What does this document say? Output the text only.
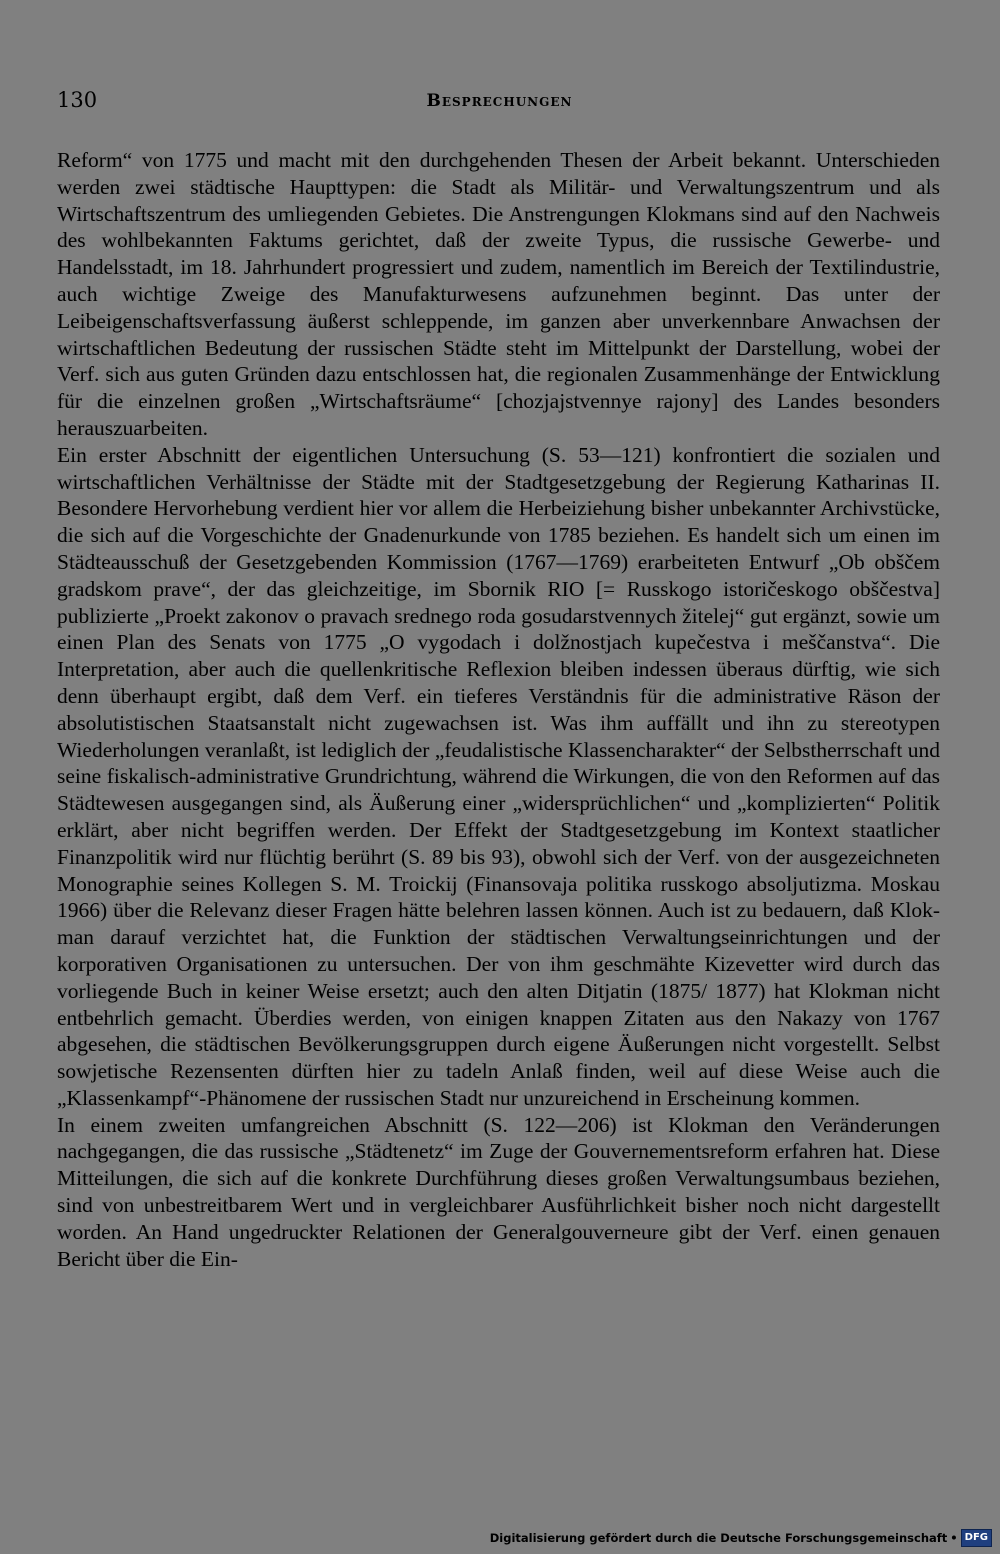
130	Besprechungen

Reform“ von 1775 und macht mit den durchgehenden Thesen der Arbeit bekannt. Unterschieden werden zwei städtische Haupttypen: die Stadt als Militär- und Verwaltungszentrum und als Wirtschaftszentrum des umliegenden Gebietes. Die Anstrengungen Klokmans sind auf den Nachweis des wohlbekannten Faktums gerichtet, daß der zweite Typus, die russische Gewerbe- und Handelsstadt, im 18. Jahrhundert progressiert und zudem, namentlich im Bereich der Textilindustrie, auch wichtige Zweige des Manufakturwesens aufzunehmen beginnt. Das unter der Leibeigenschaftsverfassung äußerst schleppende, im ganzen aber unverkennbare Anwachsen der wirtschaftlichen Bedeutung der russischen Städte steht im Mittelpunkt der Darstellung, wobei der Verf. sich aus guten Gründen dazu entschlossen hat, die regionalen Zusammenhänge der Entwicklung für die einzelnen großen „Wirtschaftsräume“ [chozjajstvennye rajony] des Landes besonders herauszuarbeiten.

Ein erster Abschnitt der eigentlichen Untersuchung (S. 53—121) konfrontiert die sozialen und wirtschaftlichen Verhältnisse der Städte mit der Stadtgesetzgebung der Regierung Katharinas II. Besondere Hervorhebung verdient hier vor allem die Herbeiziehung bisher unbekannter Archivstücke, die sich auf die Vorgeschichte der Gnadenurkunde von 1785 beziehen. Es handelt sich um einen im Städteausschuß der Gesetzgebenden Kommission (1767—1769) erarbeiteten Entwurf „Ob obščem gradskom prave“, der das gleichzeitige, im Sbornik RIO [= Russkogo istoričeskogo obščestva] publizierte „Proekt zakonov o pravach srednego roda gosudarstvennych žitelej“ gut ergänzt, sowie um einen Plan des Senats von 1775 „O vygodach i dolžnostjach kupečestva i meščanstva“. Die Interpretation, aber auch die quellenkritische Reflexion bleiben indessen überaus dürftig, wie sich denn überhaupt ergibt, daß dem Verf. ein tieferes Verständnis für die administrative Räson der absolutistischen Staatsanstalt nicht zugewachsen ist. Was ihm auffällt und ihn zu stereotypen Wiederholungen veranlaßt, ist lediglich der „feudalistische Klassencharakter“ der Selbstherrschaft und seine fiskalisch-administrative Grundrichtung, während die Wirkungen, die von den Reformen auf das Städtewesen ausgegangen sind, als Äußerung einer „widersprüchlichen“ und „komplizierten“ Politik erklärt, aber nicht begriffen werden. Der Effekt der Stadtgesetzgebung im Kontext staatlicher Finanzpolitik wird nur flüchtig berührt (S. 89 bis 93), obwohl sich der Verf. von der ausgezeichneten Monographie seines Kollegen S. M. Troickij (Finansovaja politika russkogo absoljutizma. Moskau 1966) über die Relevanz dieser Fragen hätte belehren lassen können. Auch ist zu bedauern, daß Klokman darauf verzichtet hat, die Funktion der städtischen Verwaltungseinrichtungen und der korporativen Organisationen zu untersuchen. Der von ihm geschmähte Kizevetter wird durch das vorliegende Buch in keiner Weise ersetzt; auch den alten Ditjatin (1875/ 1877) hat Klokman nicht entbehrlich gemacht. Überdies werden, von einigen knappen Zitaten aus den Nakazy von 1767 abgesehen, die städtischen Bevölkerungsgruppen durch eigene Äußerungen nicht vorgestellt. Selbst sowjetische Rezensenten dürften hier zu tadeln Anlaß finden, weil auf diese Weise auch die „Klassenkampf“-Phänomene der russischen Stadt nur unzureichend in Erscheinung kommen.

In einem zweiten umfangreichen Abschnitt (S. 122—206) ist Klokman den Veränderungen nachgegangen, die das russische „Städtenetz“ im Zuge der Gouvernementsreform erfahren hat. Diese Mitteilungen, die sich auf die konkrete Durchführung dieses großen Verwaltungsumbaus beziehen, sind von unbestreitbarem Wert und in vergleichbarer Ausführlichkeit bisher noch nicht dargestellt worden. An Hand ungedruckter Relationen der Generalgouverneure gibt der Verf. einen genauen Bericht über die Ein-

Digitalisierung gefördert durch die Deutsche Forschungsgemeinschaft • DFG
